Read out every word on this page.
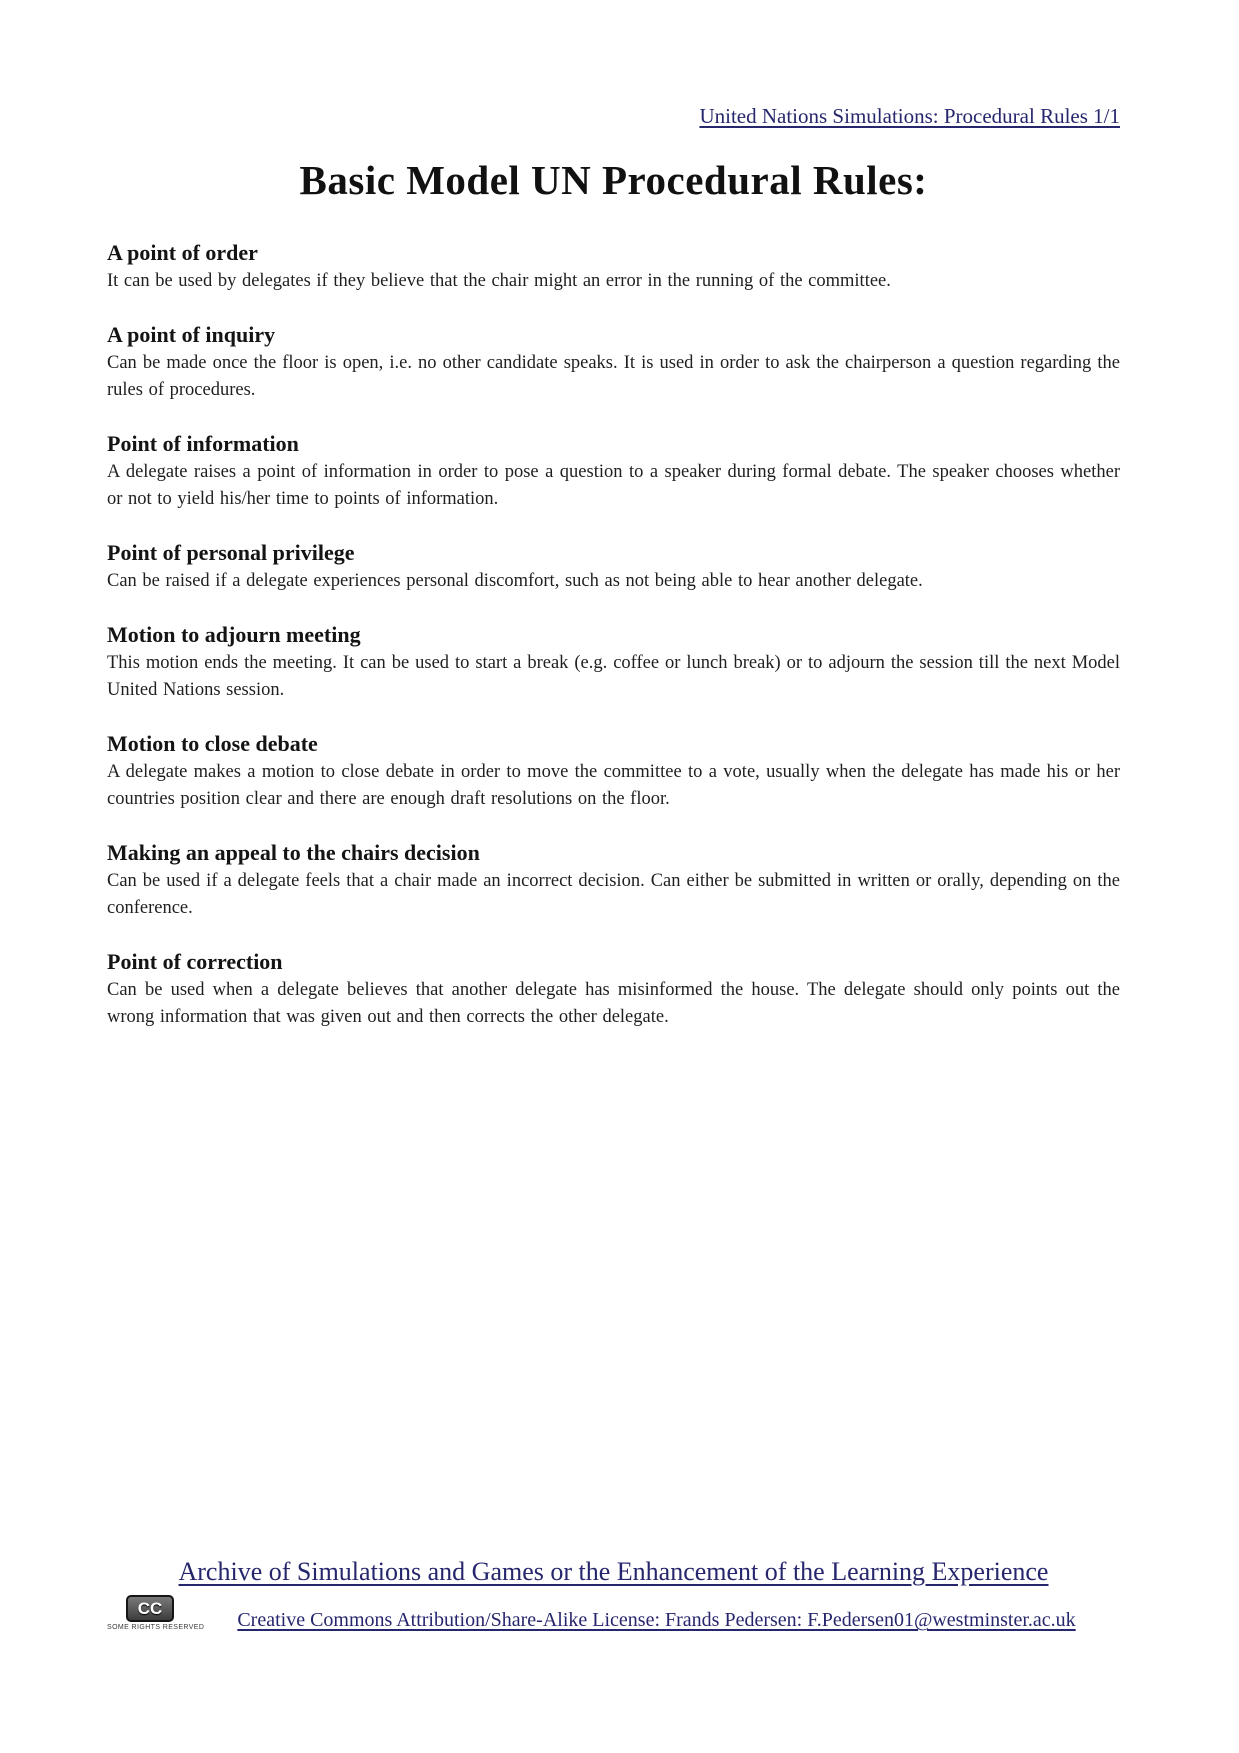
United Nations Simulations: Procedural Rules 1/1
Basic Model UN Procedural Rules:
A point of order

It can be used by delegates if they believe that the chair might an error in the running of the committee.

A point of inquiry

Can be made once the floor is open, i.e. no other candidate speaks. It is used in order to ask the chairperson a question regarding the rules of procedures.

Point of information

A delegate raises a point of information in order to pose a question to a speaker during formal debate. The speaker chooses whether or not to yield his/her time to points of information.

Point of personal privilege

Can be raised if a delegate experiences personal discomfort, such as not being able to hear another delegate.

Motion to adjourn meeting

This motion ends the meeting. It can be used to start a break (e.g. coffee or lunch break) or to adjourn the session till the next Model United Nations session.

Motion to close debate

A delegate makes a motion to close debate in order to move the committee to a vote, usually when the delegate has made his or her countries position clear and there are enough draft resolutions on the floor.

Making an appeal to the chairs decision

Can be used if a delegate feels that a chair made an incorrect decision. Can either be submitted in written or orally, depending on the conference.

Point of correction

Can be used when a delegate believes that another delegate has misinformed the house. The delegate should only points out the wrong information that was given out and then corrects the other delegate.

Archive of Simulations and Games or the Enhancement of the Learning Experience
CC
SOME RIGHTS RESERVED	Creative Commons Attribution/Share-Alike License: Frands Pedersen: F.Pedersen01@westminster.ac.uk
